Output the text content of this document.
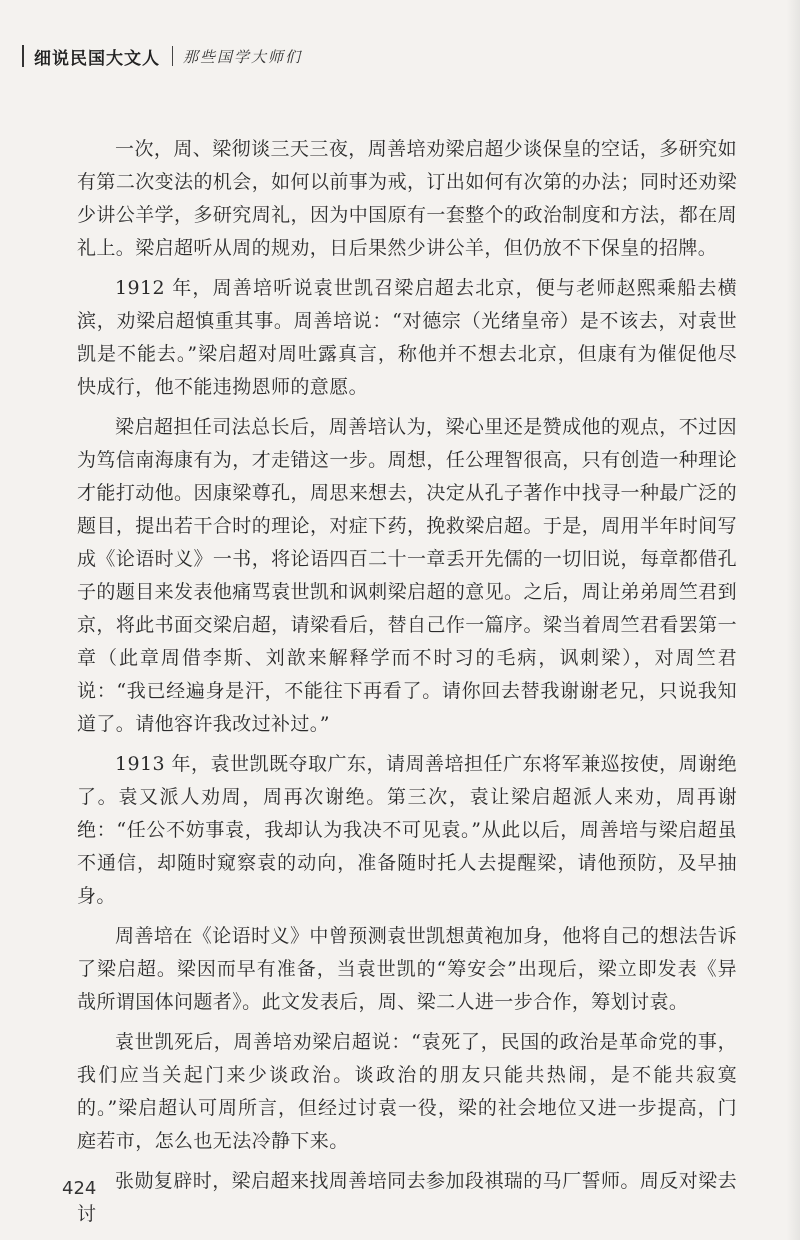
细说民国大文人 那些国学大师们

一次，周、梁彻谈三天三夜，周善培劝梁启超少谈保皇的空话，多研究如有第二次变法的机会，如何以前事为戒，订出如何有次第的办法；同时还劝梁少讲公羊学，多研究周礼，因为中国原有一套整个的政治制度和方法，都在周礼上。梁启超听从周的规劝，日后果然少讲公羊，但仍放不下保皇的招牌。

1912 年，周善培听说袁世凯召梁启超去北京，便与老师赵熙乘船去横滨，劝梁启超慎重其事。周善培说：“对德宗（光绪皇帝）是不该去，对袁世凯是不能去。”梁启超对周吐露真言，称他并不想去北京，但康有为催促他尽快成行，他不能违拗恩师的意愿。

梁启超担任司法总长后，周善培认为，梁心里还是赞成他的观点，不过因为笃信南海康有为，才走错这一步。周想，任公理智很高，只有创造一种理论才能打动他。因康梁尊孔，周思来想去，决定从孔子著作中找寻一种最广泛的题目，提出若干合时的理论，对症下药，挽救梁启超。于是，周用半年时间写成《论语时义》一书，将论语四百二十一章丢开先儒的一切旧说，每章都借孔子的题目来发表他痛骂袁世凯和讽刺梁启超的意见。之后，周让弟弟周竺君到京，将此书面交梁启超，请梁看后，替自己作一篇序。梁当着周竺君看罢第一章（此章周借李斯、刘歆来解释学而不时习的毛病，讽刺梁），对周竺君说：“我已经遍身是汗，不能往下再看了。请你回去替我谢谢老兄，只说我知道了。请他容许我改过补过。”

1913 年，袁世凯既夺取广东，请周善培担任广东将军兼巡按使，周谢绝了。袁又派人劝周，周再次谢绝。第三次，袁让梁启超派人来劝，周再谢绝：“任公不妨事袁，我却认为我决不可见袁。”从此以后，周善培与梁启超虽不通信，却随时窥察袁的动向，准备随时托人去提醒梁，请他预防，及早抽身。

周善培在《论语时义》中曾预测袁世凯想黄袍加身，他将自己的想法告诉了梁启超。梁因而早有准备，当袁世凯的“筹安会”出现后，梁立即发表《异哉所谓国体问题者》。此文发表后，周、梁二人进一步合作，筹划讨袁。

袁世凯死后，周善培劝梁启超说：“袁死了，民国的政治是革命党的事，我们应当关起门来少谈政治。谈政治的朋友只能共热闹，是不能共寂寞的。”梁启超认可周所言，但经过讨袁一役，梁的社会地位又进一步提高，门庭若市，怎么也无法冷静下来。

张勋复辟时，梁启超来找周善培同去参加段祺瑞的马厂誓师。周反对梁去讨

424
